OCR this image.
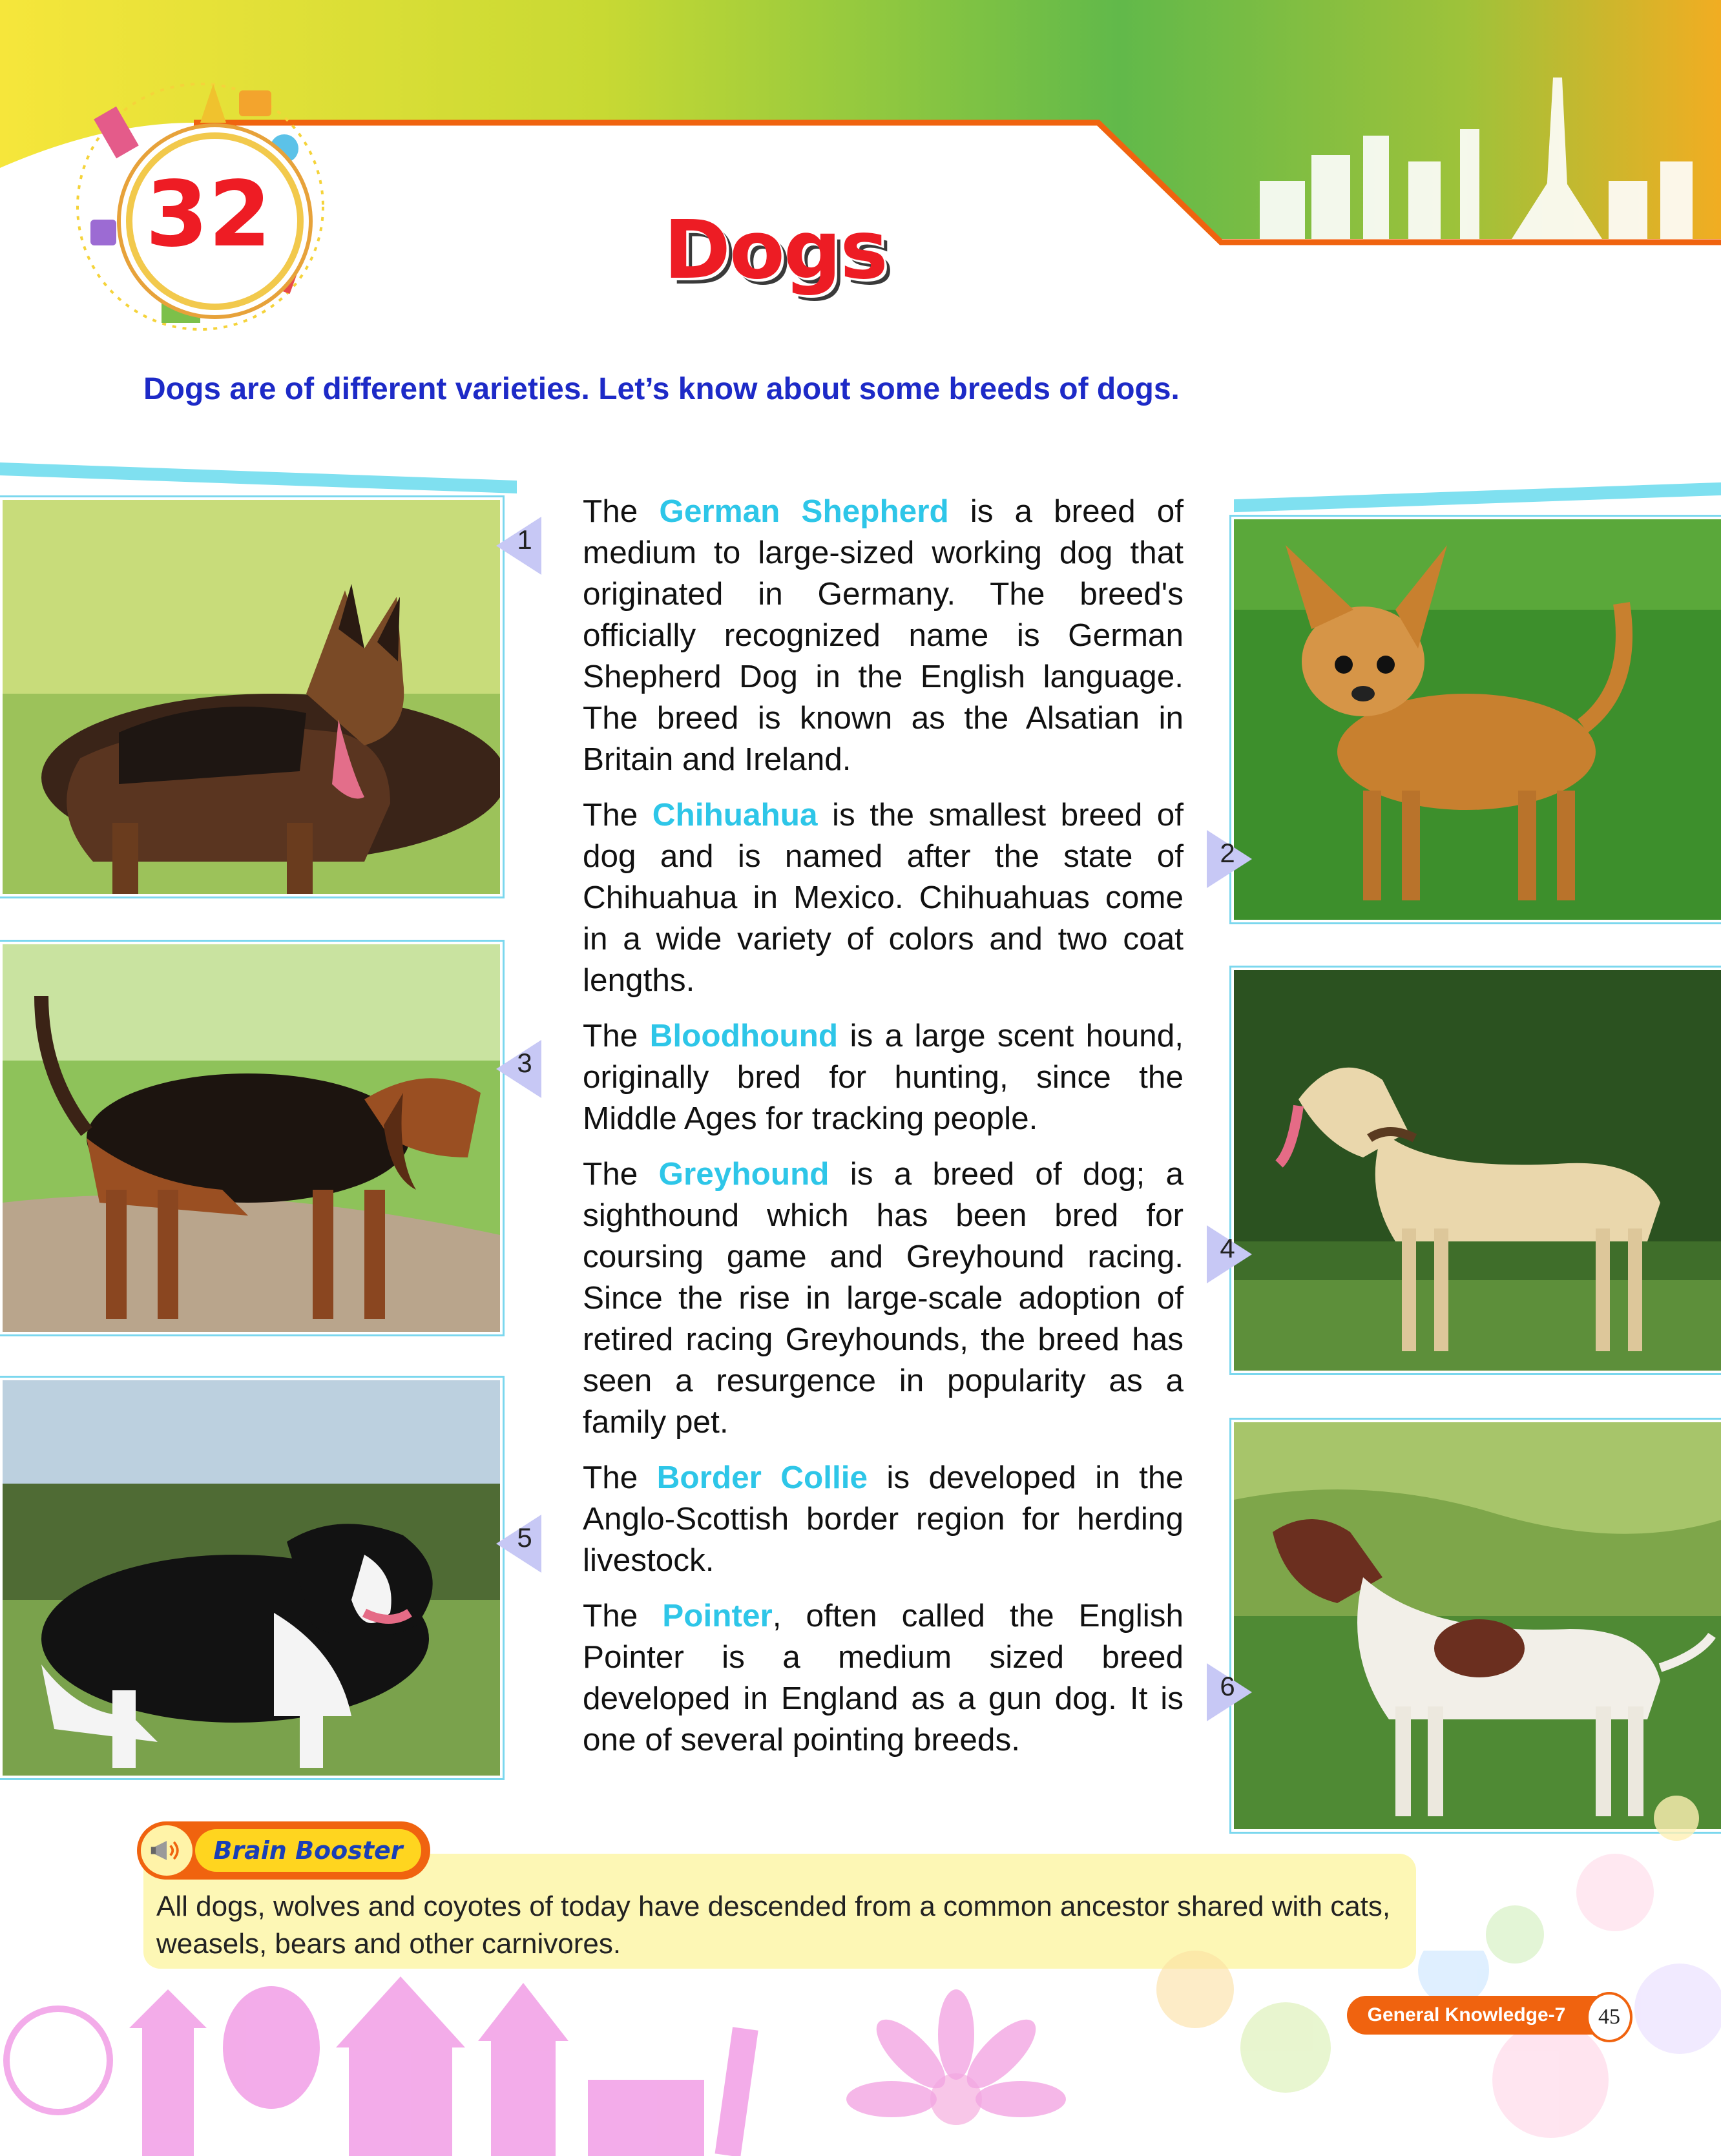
32	Dogs
Dogs are of different varieties. Let’s know about some breeds of dogs.
1
2
3
4
5
6

The German Shepherd is a breed of medium to large-sized working dog that originated in Germany. The breed's officially recognized name is German Shepherd Dog in the English language. The breed is known as the Alsatian in Britain and Ireland.

The Chihuahua is the smallest breed of dog and is named after the state of Chihuahua in Mexico. Chihuahuas come in a wide variety of colors and two coat lengths.

The Bloodhound is a large scent hound, originally bred for hunting, since the Middle Ages for tracking people.

The Greyhound is a breed of dog; a sighthound which has been bred for coursing game and Greyhound racing. Since the rise in large-scale adoption of retired racing Greyhounds, the breed has seen a resurgence in popularity as a family pet.

The Border Collie is developed in the Anglo-Scottish border region for herding livestock.

The Pointer, often called the English Pointer is a medium sized breed developed in England as a gun dog. It is one of several pointing breeds.

All dogs, wolves and coyotes of today have descended from a common ancestor shared with cats, weasels, bears and other carnivores.
Brain Booster
General Knowledge-7	45
